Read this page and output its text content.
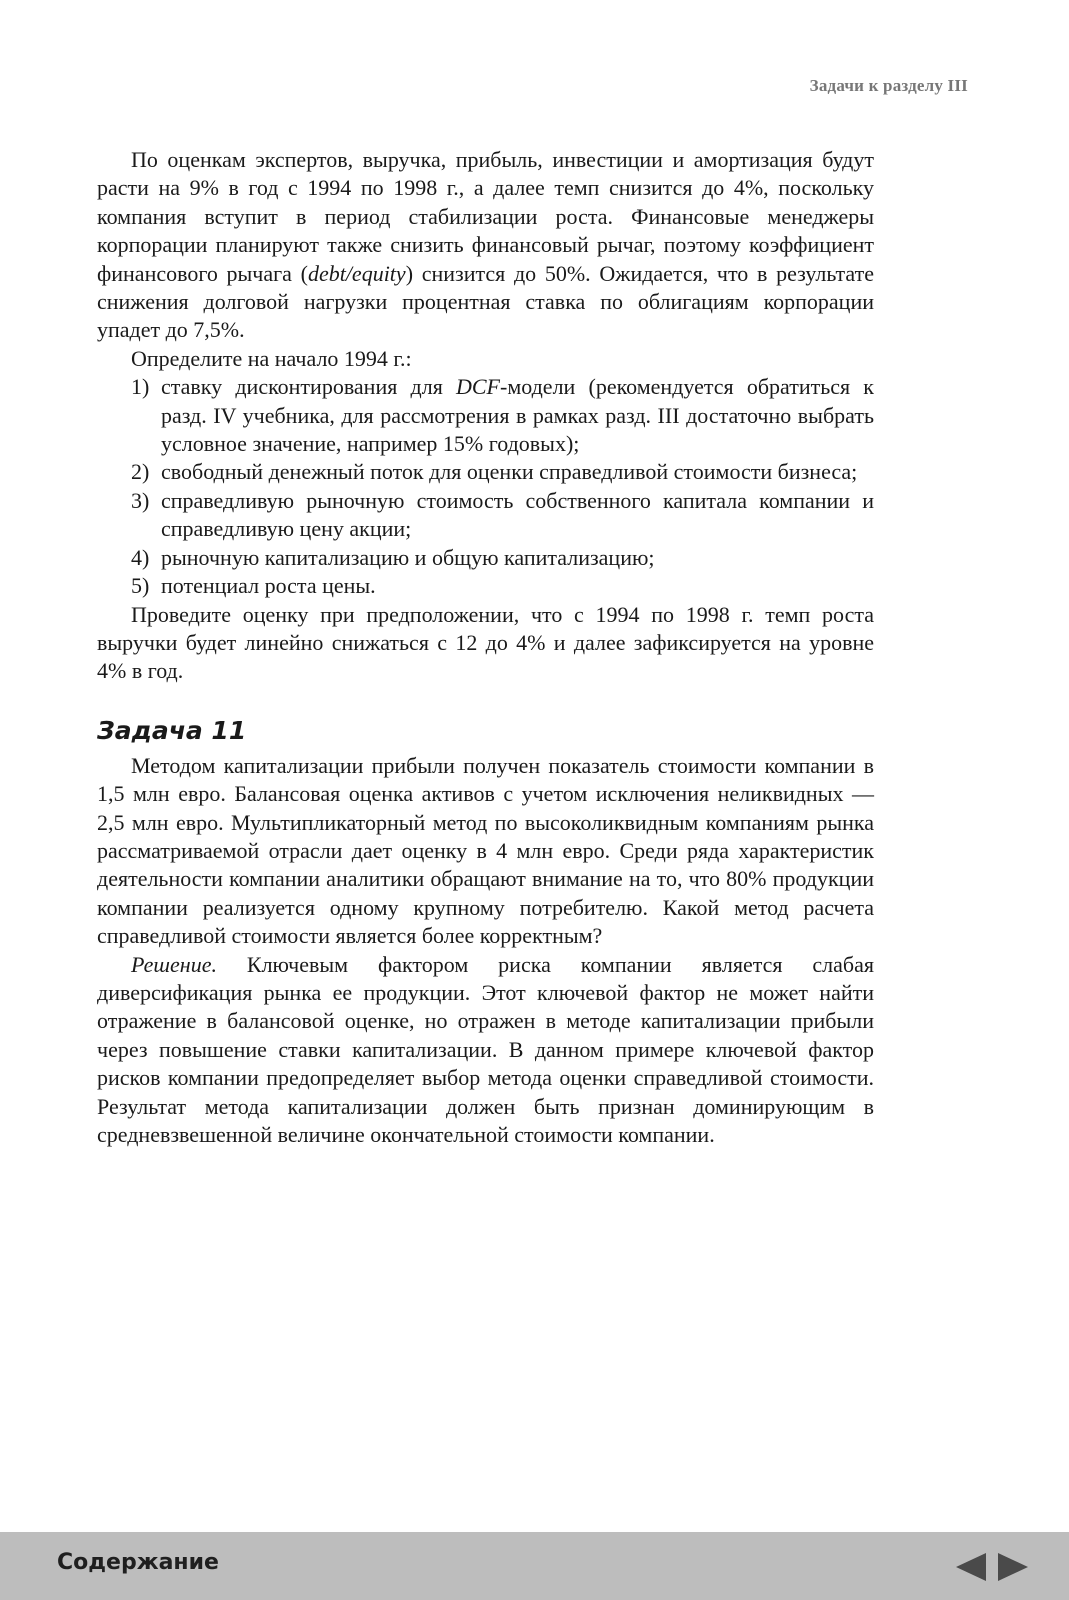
Задачи к разделу III

По оценкам экспертов, выручка, прибыль, инвестиции и амортизация будут расти на 9% в год с 1994 по 1998 г., а далее темп снизится до 4%, поскольку компания вступит в период стабилизации роста. Финансовые менеджеры корпорации планируют также снизить финансовый рычаг, поэтому коэффициент финансового рычага (debt/equity) снизится до 50%. Ожидается, что в результате снижения долговой нагрузки процентная ставка по облигациям корпорации упадет до 7,5%.

Определите на начало 1994 г.:

1) ставку дисконтирования для DCF-модели (рекомендуется обратиться к разд. IV учебника, для рассмотрения в рамках разд. III достаточно выбрать условное значение, например 15% годовых);
2) свободный денежный поток для оценки справедливой стоимости бизнеса;
3) справедливую рыночную стоимость собственного капитала компании и справедливую цену акции;
4) рыночную капитализацию и общую капитализацию;
5) потенциал роста цены.

Проведите оценку при предположении, что с 1994 по 1998 г. темп роста выручки будет линейно снижаться с 12 до 4% и далее зафиксируется на уровне 4% в год.

Задача 11

Методом капитализации прибыли получен показатель стоимости компании в 1,5 млн евро. Балансовая оценка активов с учетом исключения неликвидных — 2,5 млн евро. Мультипликаторный метод по высоколиквидным компаниям рынка рассматриваемой отрасли дает оценку в 4 млн евро. Среди ряда характеристик деятельности компании аналитики обращают внимание на то, что 80% продукции компании реализуется одному крупному потребителю. Какой метод расчета справедливой стоимости является более корректным?

Решение. Ключевым фактором риска компании является слабая диверсификация рынка ее продукции. Этот ключевой фактор не может найти отражение в балансовой оценке, но отражен в методе капитализации прибыли через повышение ставки капитализации. В данном примере ключевой фактор рисков компании предопределяет выбор метода оценки справедливой стоимости. Результат метода капитализации должен быть признан доминирующим в средневзвешенной величине окончательной стоимости компании.

Содержание
